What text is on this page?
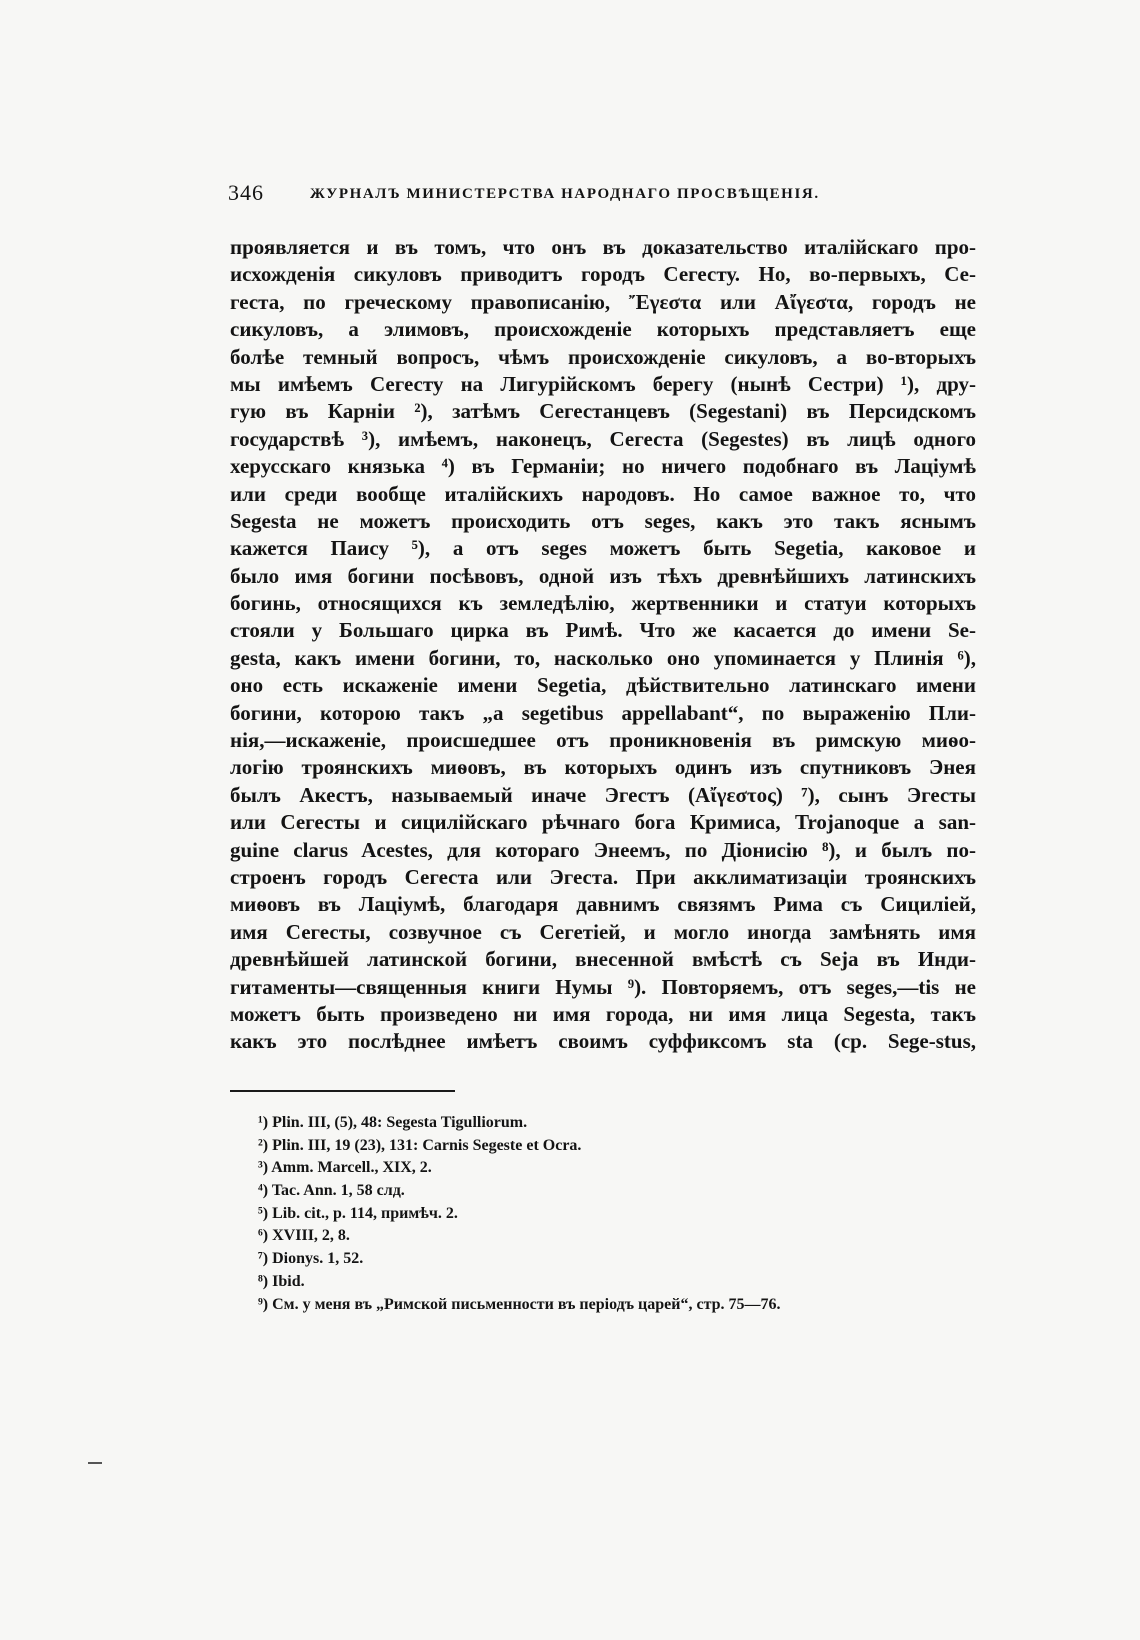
346	ЖУРНАЛЪ МИНИСТЕРСТВА НАРОДНАГО ПРОСВѢЩЕНІЯ.
проявляется и въ томъ, что онъ въ доказательство италійскаго про-
исхожденія сикуловъ приводитъ городъ Сегесту. Но, во-первыхъ, Се-
геста, по греческому правописанію, Ἔγεστα или Αἴγεστα, городъ не
сикуловъ, а элимовъ, происхожденіе которыхъ представляетъ еще
болѣе темный вопросъ, чѣмъ происхожденіе сикуловъ, а во-вторыхъ
мы имѣемъ Сегесту на Лигурійскомъ берегу (нынѣ Сестри) ¹), дру-
гую въ Карніи ²), затѣмъ Сегестанцевъ (Segestani) въ Персидскомъ
государствѣ ³), имѣемъ, наконецъ, Сегеста (Segestes) въ лицѣ одного
херусскаго князька ⁴) въ Германіи; но ничего подобнаго въ Лаціумѣ
или среди вообще италійскихъ народовъ. Но самое важное то, что
Segesta не можетъ происходить отъ seges, какъ это такъ яснымъ
кажется Паису ⁵), а отъ seges можетъ быть Segetia, каковое и
было имя богини посѣвовъ, одной изъ тѣхъ древнѣйшихъ латинскихъ
богинь, относящихся къ земледѣлію, жертвенники и статуи которыхъ
стояли у Большаго цирка въ Римѣ. Что же касается до имени Se-
gesta, какъ имени богини, то, насколько оно упоминается у Плинія ⁶),
оно есть искаженіе имени Segetia, дѣйствительно латинскаго имени
богини, которою такъ „a segetibus appellabant“, по выраженію Пли-
нія,—искаженіе, происшедшее отъ проникновенія въ римскую миѳо-
логію троянскихъ миѳовъ, въ которыхъ одинъ изъ спутниковъ Энея
былъ Акестъ, называемый иначе Эгестъ (Αἴγεστος) ⁷), сынъ Эгесты
или Сегесты и сицилійскаго рѣчнаго бога Кримиса, Trojanoque a san-
guine clarus Acestes, для котораго Энеемъ, по Діонисію ⁸), и былъ по-
строенъ городъ Сегеста или Эгеста. При акклиматизаціи троянскихъ
миѳовъ въ Лаціумѣ, благодаря давнимъ связямъ Рима съ Сициліей,
имя Сегесты, созвучное съ Сегетіей, и могло иногда замѣнять имя
древнѣйшей латинской богини, внесенной вмѣстѣ съ Seja въ Инди-
гитаменты—священныя книги Нумы ⁹). Повторяемъ, отъ seges,—tis не
можетъ быть произведено ни имя города, ни имя лица Segesta, такъ
какъ это послѣднее имѣетъ своимъ суффиксомъ sta (ср. Sege-stus,
¹) Plin. III, (5), 48: Segesta Tigulliorum.
²) Plin. III, 19 (23), 131: Carnis Segeste et Ocra.
³) Amm. Marcell., XIX, 2.
⁴) Tac. Ann. 1, 58 слд.
⁵) Lib. cit., p. 114, примѣч. 2.
⁶) XVIII, 2, 8.
⁷) Dionys. 1, 52.
⁸) Ibid.
⁹) См. у меня въ „Римской письменности въ періодъ царей“, стр. 75—76.
